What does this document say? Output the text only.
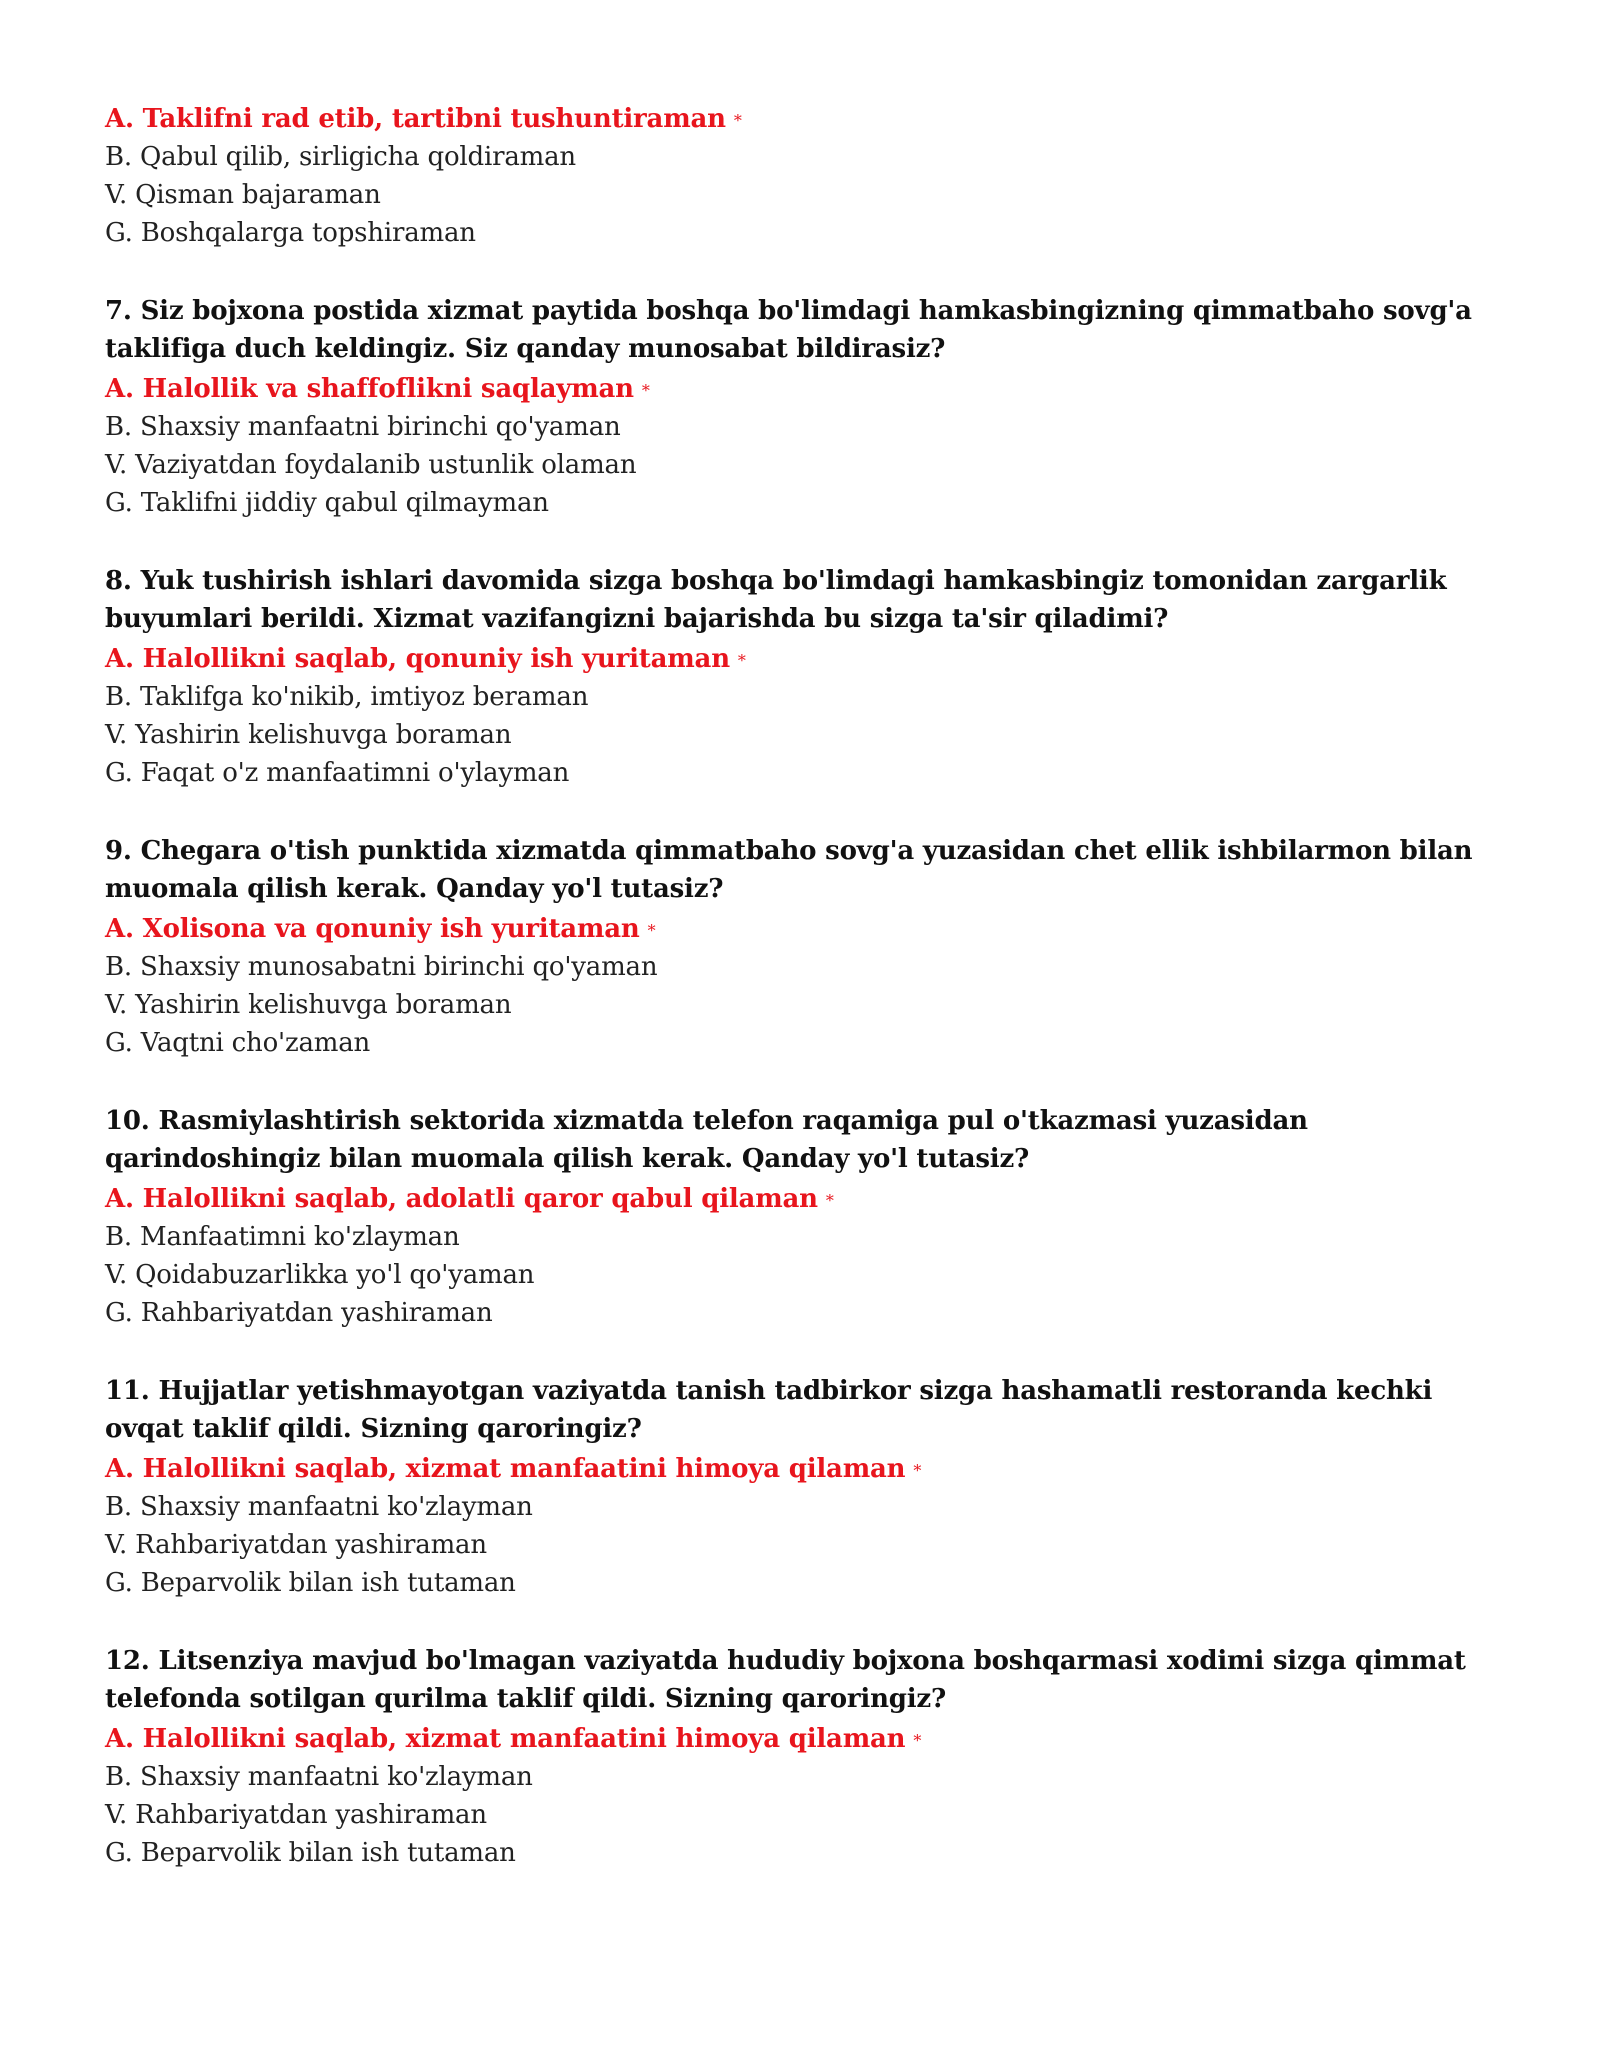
A. Taklifni rad etib, tartibni tushuntiraman *

B. Qabul qilib, sirligicha qoldiraman

V. Qisman bajaraman

G. Boshqalarga topshiraman

7. Siz bojxona postida xizmat paytida boshqa bo'limdagi hamkasbingizning qimmatbaho sovg'a taklifiga duch keldingiz. Siz qanday munosabat bildirasiz?

A. Halollik va shaffoflikni saqlayman *

B. Shaxsiy manfaatni birinchi qo'yaman

V. Vaziyatdan foydalanib ustunlik olaman

G. Taklifni jiddiy qabul qilmayman

8. Yuk tushirish ishlari davomida sizga boshqa bo'limdagi hamkasbingiz tomonidan zargarlik buyumlari berildi. Xizmat vazifangizni bajarishda bu sizga ta'sir qiladimi?

A. Halollikni saqlab, qonuniy ish yuritaman *

B. Taklifga ko'nikib, imtiyoz beraman

V. Yashirin kelishuvga boraman

G. Faqat o'z manfaatimni o'ylayman

9. Chegara o'tish punktida xizmatda qimmatbaho sovg'a yuzasidan chet ellik ishbilarmon bilan muomala qilish kerak. Qanday yo'l tutasiz?

A. Xolisona va qonuniy ish yuritaman *

B. Shaxsiy munosabatni birinchi qo'yaman

V. Yashirin kelishuvga boraman

G. Vaqtni cho'zaman

10. Rasmiylashtirish sektorida xizmatda telefon raqamiga pul o'tkazmasi yuzasidan qarindoshingiz bilan muomala qilish kerak. Qanday yo'l tutasiz?

A. Halollikni saqlab, adolatli qaror qabul qilaman *

B. Manfaatimni ko'zlayman

V. Qoidabuzarlikka yo'l qo'yaman

G. Rahbariyatdan yashiraman

11. Hujjatlar yetishmayotgan vaziyatda tanish tadbirkor sizga hashamatli restoranda kechki ovqat taklif qildi. Sizning qaroringiz?

A. Halollikni saqlab, xizmat manfaatini himoya qilaman *

B. Shaxsiy manfaatni ko'zlayman

V. Rahbariyatdan yashiraman

G. Beparvolik bilan ish tutaman

12. Litsenziya mavjud bo'lmagan vaziyatda hududiy bojxona boshqarmasi xodimi sizga qimmat telefonda sotilgan qurilma taklif qildi. Sizning qaroringiz?

A. Halollikni saqlab, xizmat manfaatini himoya qilaman *

B. Shaxsiy manfaatni ko'zlayman

V. Rahbariyatdan yashiraman

G. Beparvolik bilan ish tutaman
